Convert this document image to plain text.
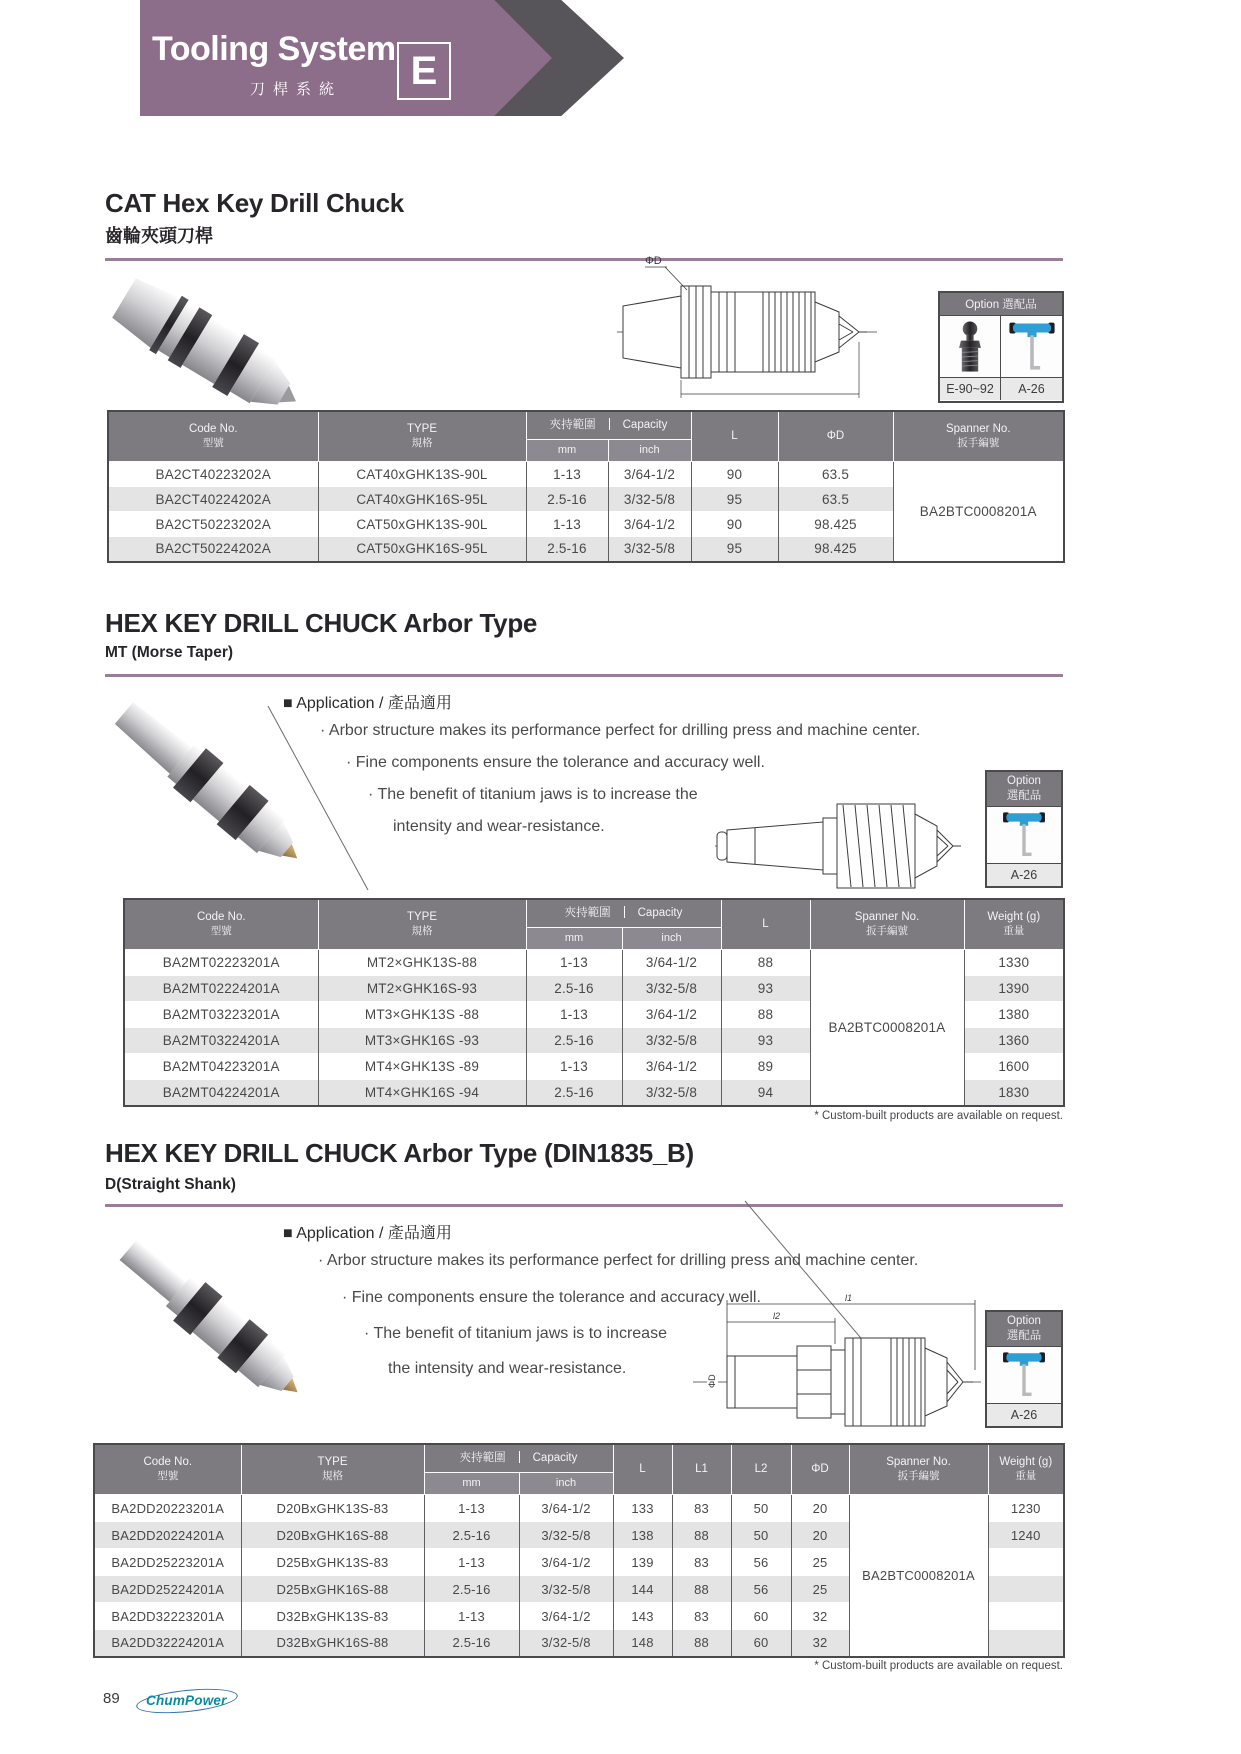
Tooling System
刀桿系統	E
CAT Hex Key Drill Chuck
齒輪夾頭刀桿
ΦD
Option 選配品
E-90~92	A-26
Code No.
型號

TYPE
規格
	夾持範圍 Capacity	L	ΦD	
Spanner No.
扳手編號

		mm	inch			
BA2CT40223202A	CAT40xGHK13S-90L	1-13	3/64-1/2	90	63.5	BA2BTC0008201A
BA2CT40224202A	CAT40xGHK16S-95L	2.5-16	3/32-5/8	95	63.5	
BA2CT50223202A	CAT50xGHK13S-90L	1-13	3/64-1/2	90	98.425	
BA2CT50224202A	CAT50xGHK16S-95L	2.5-16	3/32-5/8	95	98.425	
HEX KEY DRILL CHUCK Arbor Type
MT (Morse Taper)
■ Application / 產品適用
· Arbor structure makes its performance perfect for drilling press and machine center.
· Fine components ensure the tolerance and accuracy well.
· The benefit of titanium jaws is to increase the
intensity and wear-resistance.
Option
選配品
A-26
Code No.
型號

TYPE
規格
	夾持範圍 Capacity	L	
Spanner No.
扳手編號

Weight (g)
重量

		mm	inch			
BA2MT02223201A	MT2×GHK13S-88	1-13	3/64-1/2	88	BA2BTC0008201A	1330
BA2MT02224201A	MT2×GHK16S-93	2.5-16	3/32-5/8	93		1390
BA2MT03223201A	MT3×GHK13S -88	1-13	3/64-1/2	88		1380
BA2MT03224201A	MT3×GHK16S -93	2.5-16	3/32-5/8	93		1360
BA2MT04223201A	MT4×GHK13S -89	1-13	3/64-1/2	89		1600
BA2MT04224201A	MT4×GHK16S -94	2.5-16	3/32-5/8	94		1830
* Custom-built products are available on request.
HEX KEY DRILL CHUCK Arbor Type (DIN1835_B)
D(Straight Shank)
■ Application / 產品適用
· Arbor structure makes its performance perfect for drilling press and machine center.
· Fine components ensure the tolerance and accuracy well.
· The benefit of titanium jaws is to increase
the intensity and wear-resistance.
l1
l2
ΦD
Option
選配品
A-26
Code No.
型號

TYPE
規格
	夾持範圍 Capacity	L	L1	L2	ΦD	
Spanner No.
扳手編號

Weight (g)
重量

		mm	inch						
BA2DD20223201A	D20BxGHK13S-83	1-13	3/64-1/2	133	83	50	20	BA2BTC0008201A	1230
BA2DD20224201A	D20BxGHK16S-88	2.5-16	3/32-5/8	138	88	50	20		1240
BA2DD25223201A	D25BxGHK13S-83	1-13	3/64-1/2	139	83	56	25		
BA2DD25224201A	D25BxGHK16S-88	2.5-16	3/32-5/8	144	88	56	25		
BA2DD32223201A	D32BxGHK13S-83	1-13	3/64-1/2	143	83	60	32		
BA2DD32224201A	D32BxGHK16S-88	2.5-16	3/32-5/8	148	88	60	32		
* Custom-built products are available on request.
89 ChumPower
